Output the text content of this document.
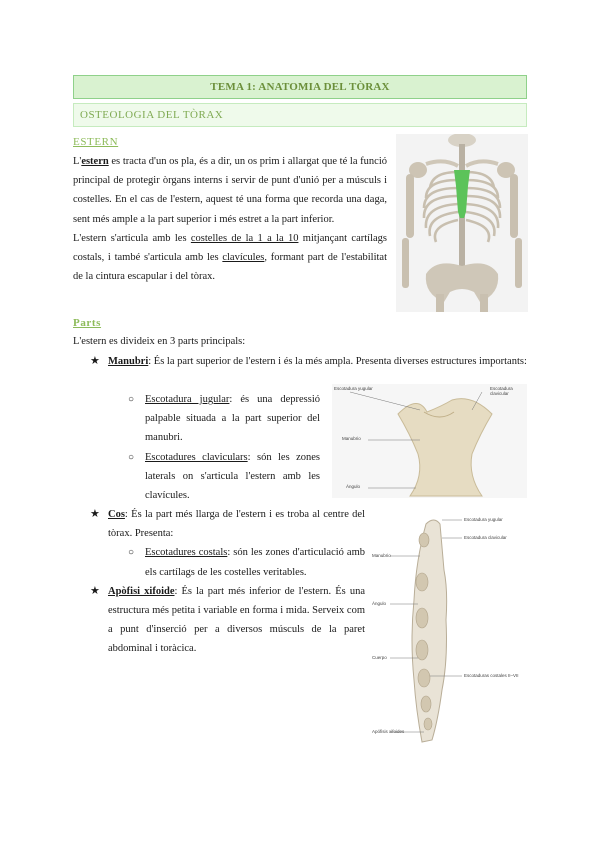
TEMA 1: ANATOMIA DEL TÒRAX
OSTEOLOGIA DEL TÒRAX
ESTERN

L'estern es tracta d'un os pla, és a dir, un os prim i allargat que té la funció principal de protegir òrgans interns i servir de punt d'unió per a músculs i costelles. En el cas de l'estern, aquest té una forma que recorda una daga, sent més ample a la part superior i més estret a la part inferior.

L'estern s'articula amb les costelles de la 1 a la 10 mitjançant cartílags costals, i també s'articula amb les clavícules, formant part de l'estabilitat de la cintura escapular i del tòrax.

Parts
L'estern es divideix en 3 parts principals:
★ Manubri: És la part superior de l'estern i és la més ampla. Presenta diverses estructures importants:
○ Escotadura jugular: és una depressió palpable situada a la part superior del manubri.
○ Escotadures claviculars: són les zones laterals on s'articula l'estern amb les clavícules.
Escotadura yugular	Escotadura clavicular
Manubrio
Ángulo
★ Cos: És la part més llarga de l'estern i es troba al centre del tòrax. Presenta:
○ Escotadures costals: són les zones d'articulació amb els cartílags de les costelles veritables.
★ Apòfisi xifoide: És la part més inferior de l'estern. És una estructura més petita i variable en forma i mida. Serveix com a punt d'inserció per a diversos músculs de la paret abdominal i toràcica.
Escotadura yugular
Escotadura clavicular
Manubrio
Ángulo
Cuerpo
Escotaduras costales II–VII
Apófisis xifoides
